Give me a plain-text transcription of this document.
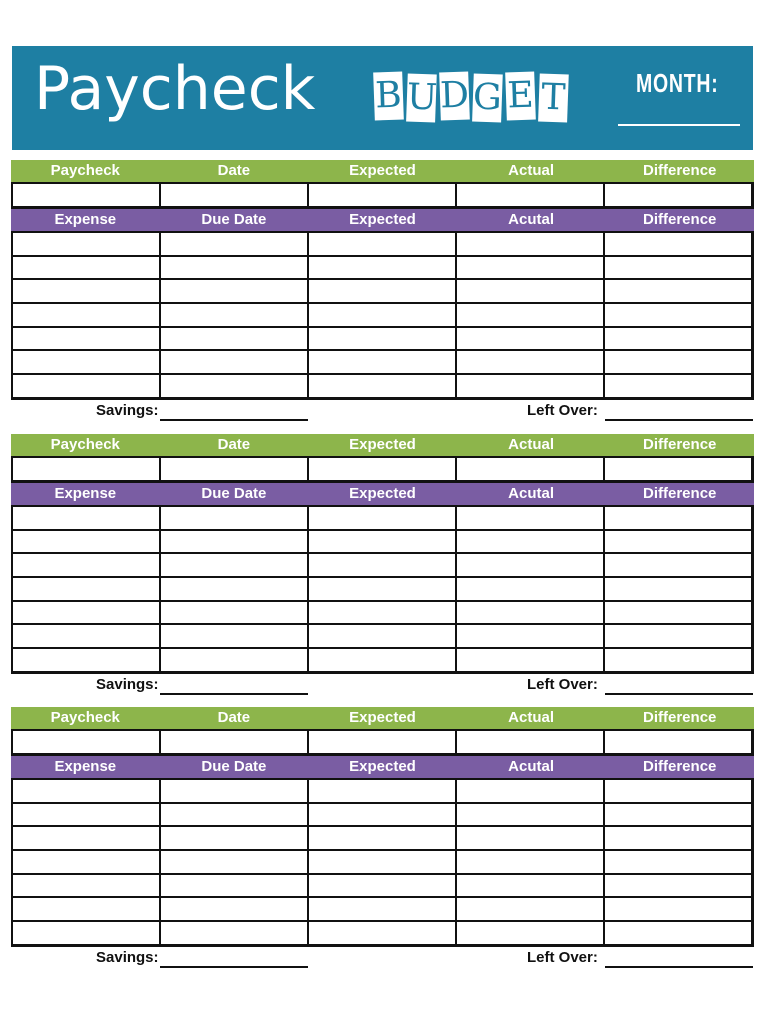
Paycheck B U D G E T	MONTH:
Paycheck	Date	Expected	Actual	Difference
Expense	Due Date	Expected	Acutal	Difference
Savings:	Left Over:
Paycheck	Date	Expected	Actual	Difference
Expense	Due Date	Expected	Acutal	Difference
Savings:	Left Over:
Paycheck	Date	Expected	Actual	Difference
Expense	Due Date	Expected	Acutal	Difference
Savings:	Left Over:
